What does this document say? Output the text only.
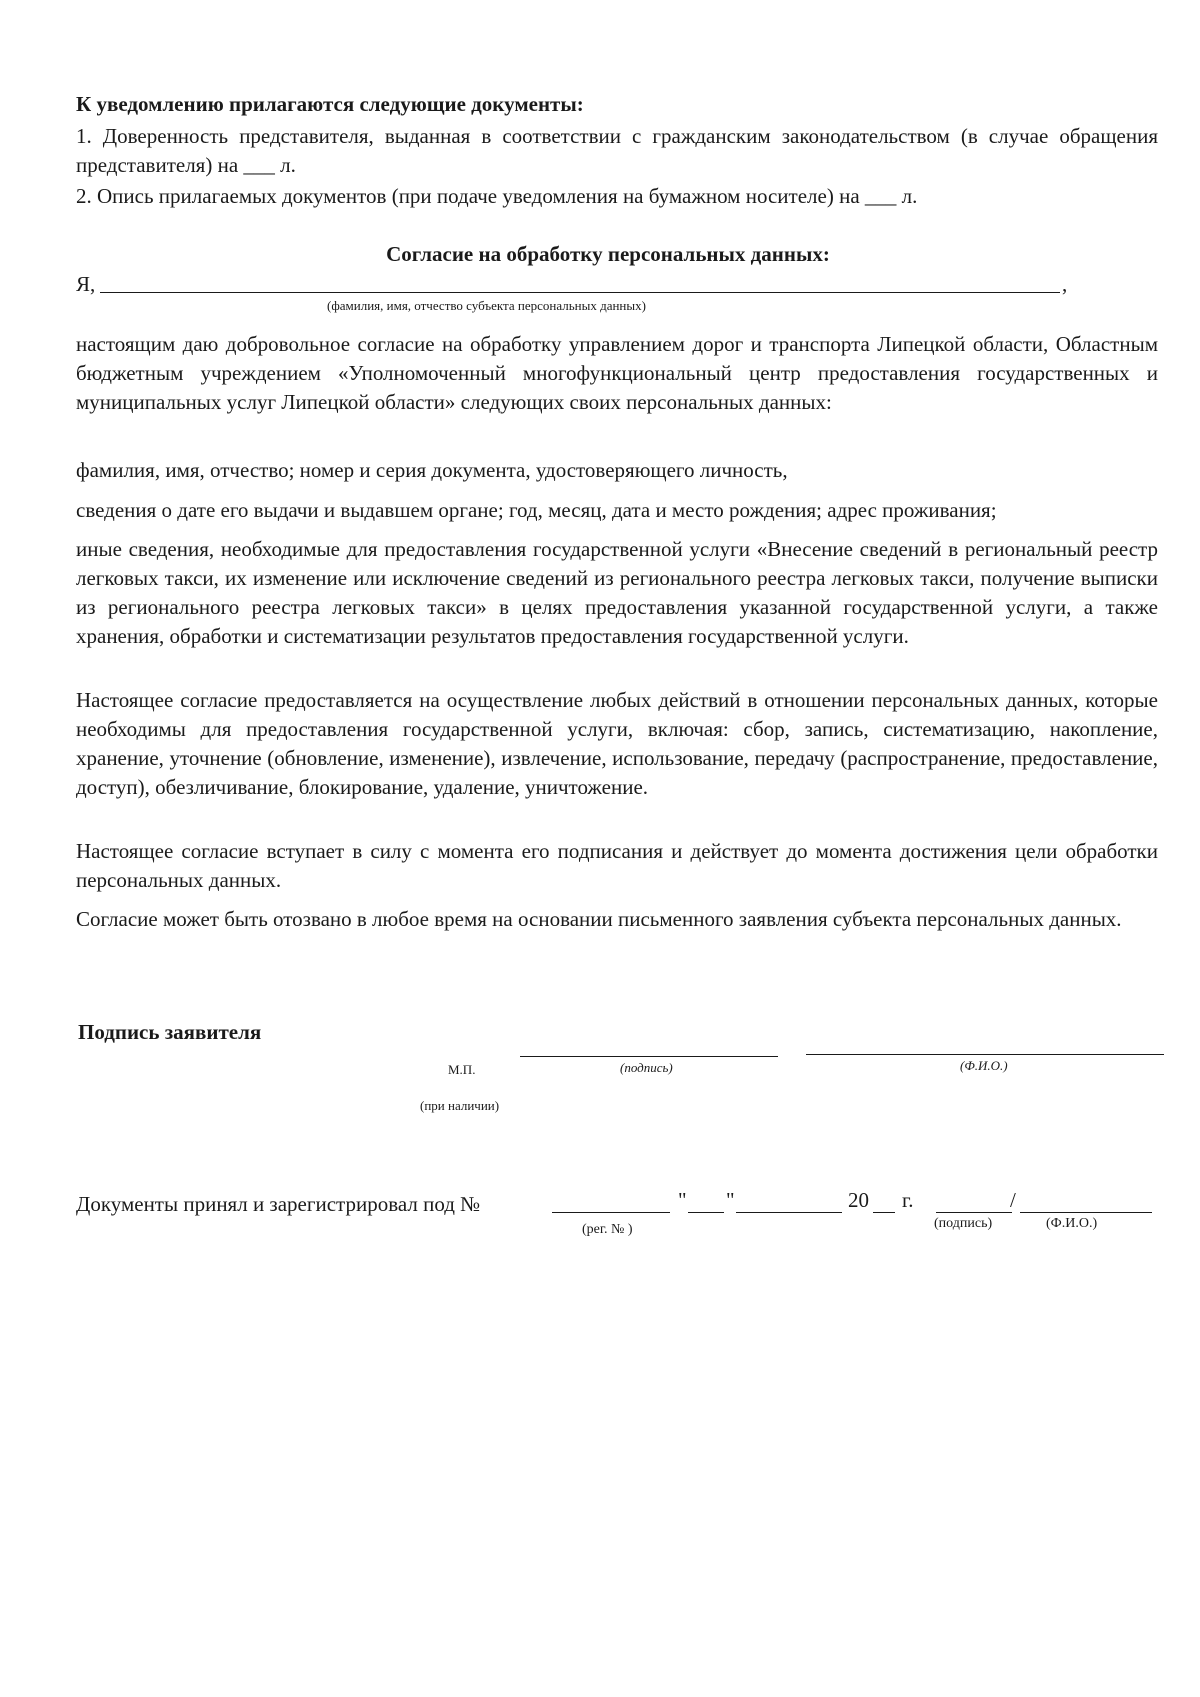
К уведомлению прилагаются следующие документы:
1. Доверенность представителя, выданная в соответствии с гражданским законодательством (в случае обращения представителя) на ___ л.
2. Опись прилагаемых документов (при подаче уведомления на бумажном носителе) на ___ л.
Согласие на обработку персональных данных:
Я,	,
(фамилия, имя, отчество субъекта персональных данных)
настоящим даю добровольное согласие на обработку управлением дорог и транспорта Липецкой области, Областным бюджетным учреждением «Уполномоченный многофункциональный центр предоставления государственных и муниципальных услуг Липецкой области» следующих своих персональных данных:
фамилия, имя, отчество; номер и серия документа, удостоверяющего личность,
сведения о дате его выдачи и выдавшем органе; год, месяц, дата и место рождения; адрес проживания;
иные сведения, необходимые для предоставления государственной услуги «Внесение сведений в региональный реестр легковых такси, их изменение или исключение сведений из регионального реестра легковых такси, получение выписки из регионального реестра легковых такси» в целях предоставления указанной государственной услуги, а также хранения, обработки и систематизации результатов предоставления государственной услуги.
Настоящее согласие предоставляется на осуществление любых действий в отношении персональных данных, которые необходимы для предоставления государственной услуги, включая: сбор, запись, систематизацию, накопление, хранение, уточнение (обновление, изменение), извлечение, использование, передачу (распространение, предоставление, доступ), обезличивание, блокирование, удаление, уничтожение.
Настоящее согласие вступает в силу с момента его подписания и действует до момента достижения цели обработки персональных данных.
Согласие может быть отозвано в любое время на основании письменного заявления субъекта персональных данных.
Подпись заявителя
М.П.	(подпись)	(Ф.И.О.)
(при наличии)
Документы принял и зарегистрировал под №	" "	20 г.	/
(рег. № )	(подпись)	(Ф.И.О.)
